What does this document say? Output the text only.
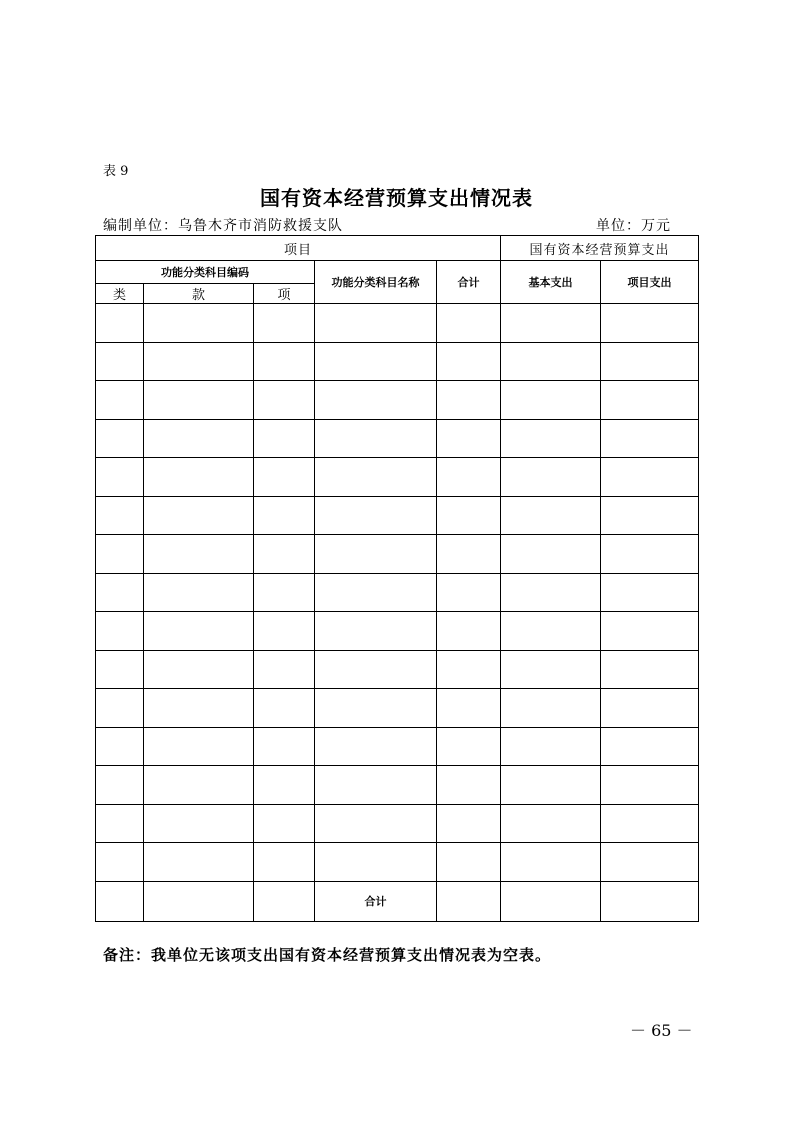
表 9
国有资本经营预算支出情况表
编制单位：乌鲁木齐市消防救援支队	单位：万元
项目					国有资本经营预算支出	
功能分类科目编码			功能分类科目名称	合计	基本支出	项目支出
类	款	项				

			合计			
备注：我单位无该项支出国有资本经营预算支出情况表为空表。
－ 65 －
